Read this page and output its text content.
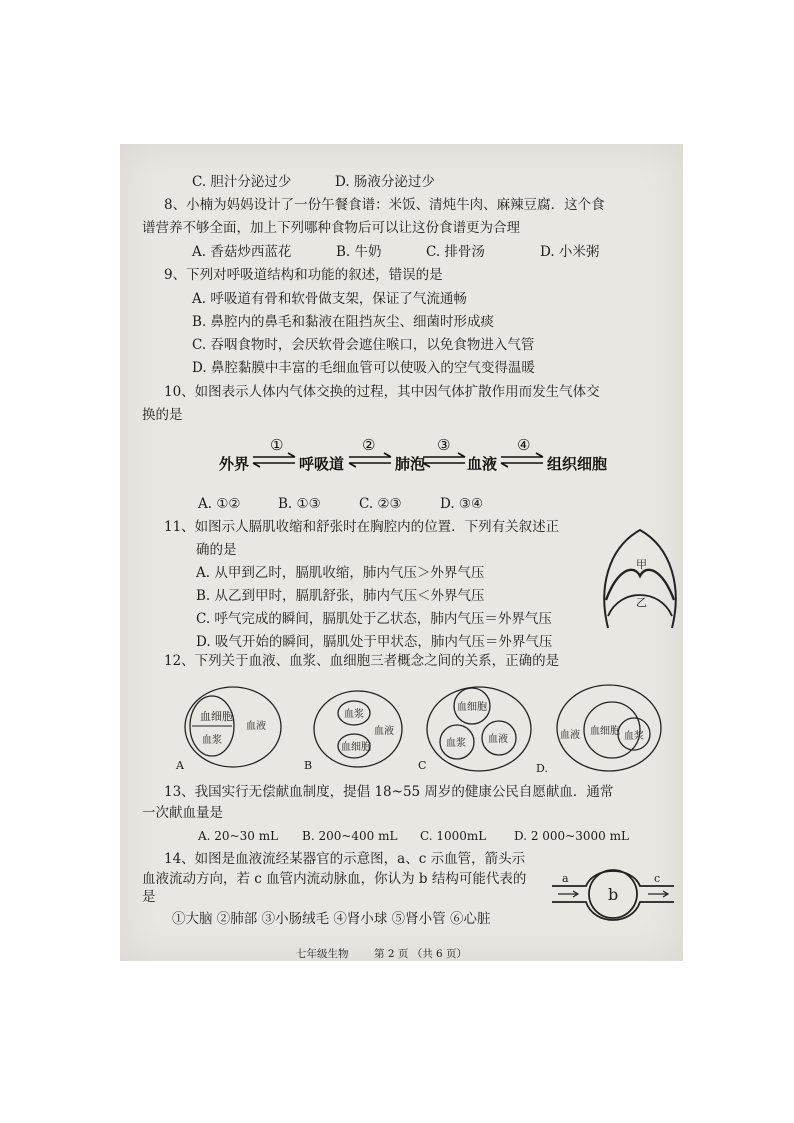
C. 胆汁分泌过少	D. 肠液分泌过少
8、小楠为妈妈设计了一份午餐食谱：米饭、清炖牛肉、麻辣豆腐．这个食
谱营养不够全面，加上下列哪种食物后可以让这份食谱更为合理
A. 香菇炒西蓝花	B. 牛奶	C. 排骨汤	D. 小米粥
9、下列对呼吸道结构和功能的叙述，错误的是
A. 呼吸道有骨和软骨做支架，保证了气流通畅
B. 鼻腔内的鼻毛和黏液在阻挡灰尘、细菌时形成痰
C. 吞咽食物时，会厌软骨会遮住喉口，以免食物进入气管
D. 鼻腔黏膜中丰富的毛细血管可以使吸入的空气变得温暖
10、如图表示人体内气体交换的过程，其中因气体扩散作用而发生气体交
换的是
外界	呼吸道	肺泡	血液	组织细胞
①	②	③	④
A. ①②	B. ①③	C. ②③	D. ③④
11、如图示人膈肌收缩和舒张时在胸腔内的位置．下列有关叙述正
确的是
A. 从甲到乙时，膈肌收缩，肺内气压＞外界气压
B. 从乙到甲时，膈肌舒张，肺内气压＜外界气压
C. 呼气完成的瞬间，膈肌处于乙状态，肺内气压＝外界气压
D. 吸气开始的瞬间，膈肌处于甲状态，肺内气压＝外界气压
甲
乙
12、下列关于血液、血浆、血细胞三者概念之间的关系，正确的是
血细胞
血浆
血液
A
血浆
血液
血细胞
B
血细胞
血浆 血液
C
血液 血细胞 血浆
D.
13、我国实行无偿献血制度，提倡 18~55 周岁的健康公民自愿献血．通常
一次献血量是
A. 20~30 mL B. 200~400 mL C. 1000mL D. 2 000~3000 mL
14、如图是血液流经某器官的示意图，a、c 示血管，箭头示
血液流动方向，若 c 血管内流动脉血，你认为 b 结构可能代表的
是
①大脑 ②肺部 ③小肠绒毛 ④肾小球 ⑤肾小管 ⑥心脏
a
b
c
七年级生物 第 2 页 （共 6 页）
